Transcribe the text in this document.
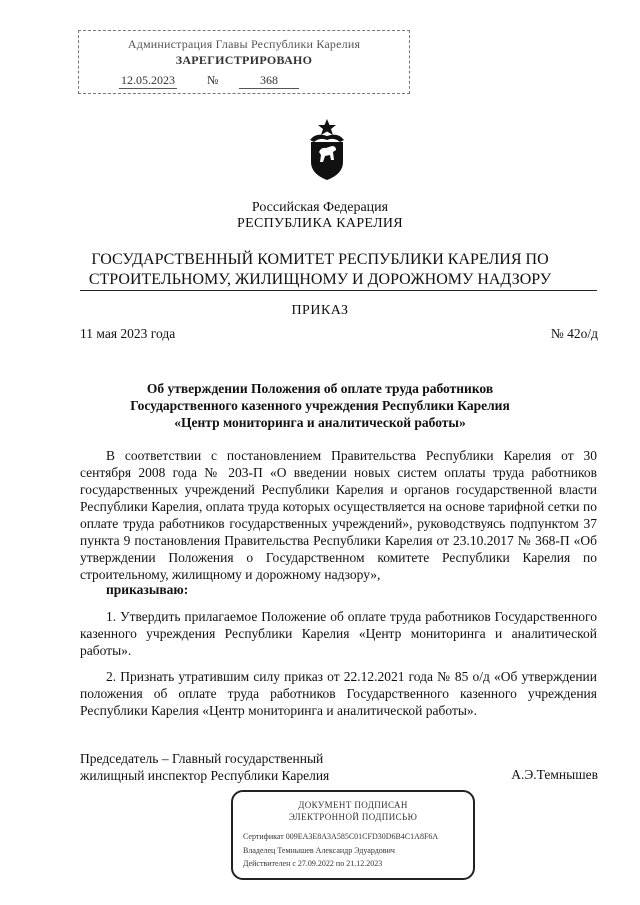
Администрация Главы Республики Карелия
ЗАРЕГИСТРИРОВАНО
12.05.2023	№	368
Российская Федерация
РЕСПУБЛИКА КАРЕЛИЯ
ГОСУДАРСТВЕННЫЙ КОМИТЕТ РЕСПУБЛИКИ КАРЕЛИЯ ПО
СТРОИТЕЛЬНОМУ, ЖИЛИЩНОМУ И ДОРОЖНОМУ НАДЗОРУ
ПРИКАЗ
11 мая 2023 года	№ 42о/д
Об утверждении Положения об оплате труда работников
Государственного казенного учреждения Республики Карелия
«Центр мониторинга и аналитической работы»

В соответствии с постановлением Правительства Республики Карелия от 30 сентября 2008 года № 203-П «О введении новых систем оплаты труда работников государственных учреждений Республики Карелия и органов государственной власти Республики Карелия, оплата труда которых осуществляется на основе тарифной сетки по оплате труда работников государственных учреждений», руководствуясь подпунктом 37 пункта 9 постановления Правительства Республики Карелия от 23.10.2017 № 368-П «Об утверждении Положения о Государственном комитете Республики Карелия по строительному, жилищному и дорожному надзору»,

приказываю:

1. Утвердить прилагаемое Положение об оплате труда работников Государственного казенного учреждения Республики Карелия «Центр мониторинга и аналитической работы».

2. Признать утратившим силу приказ от 22.12.2021 года № 85 о/д «Об утверждении положения об оплате труда работников Государственного казенного учреждения Республики Карелия «Центр мониторинга и аналитической работы».

Председатель – Главный государственный
жилищный инспектор Республики Карелия	А.Э.Темнышев
ДОКУМЕНТ ПОДПИСАН
ЭЛЕКТРОННОЙ ПОДПИСЬЮ
Сертификат 009ЕА3Е8А3А585С01СFD30D6В4С1А8F6А
Владелец Темнышев Александр Эдуардович
Действителен с 27.09.2022 по 21.12.2023
